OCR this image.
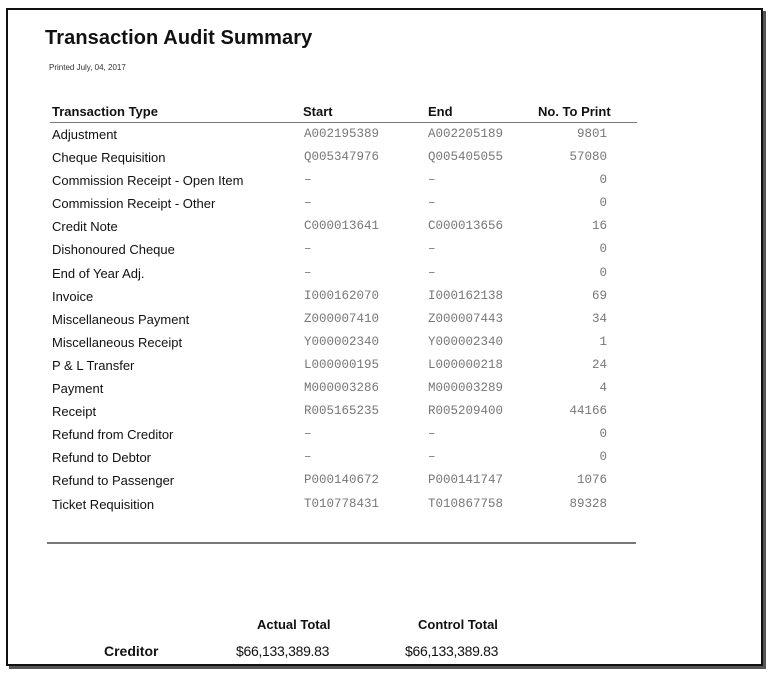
Transaction Audit Summary
Printed July, 04, 2017
Transaction Type	Start	End	No. To Print
Adjustment	A002195389	A002205189	9801
Cheque Requisition	Q005347976	Q005405055	57080
Commission Receipt - Open Item	–	–	0
Commission Receipt - Other	–	–	0
Credit Note	C000013641	C000013656	16
Dishonoured Cheque	–	–	0
End of Year Adj.	–	–	0
Invoice	I000162070	I000162138	69
Miscellaneous Payment	Z000007410	Z000007443	34
Miscellaneous Receipt	Y000002340	Y000002340	1
P & L Transfer	L000000195	L000000218	24
Payment	M000003286	M000003289	4
Receipt	R005165235	R005209400	44166
Refund from Creditor	–	–	0
Refund to Debtor	–	–	0
Refund to Passenger	P000140672	P000141747	1076
Ticket Requisition	T010778431	T010867758	89328
Actual Total	Control Total
Creditor	$66,133,389.83	$66,133,389.83
